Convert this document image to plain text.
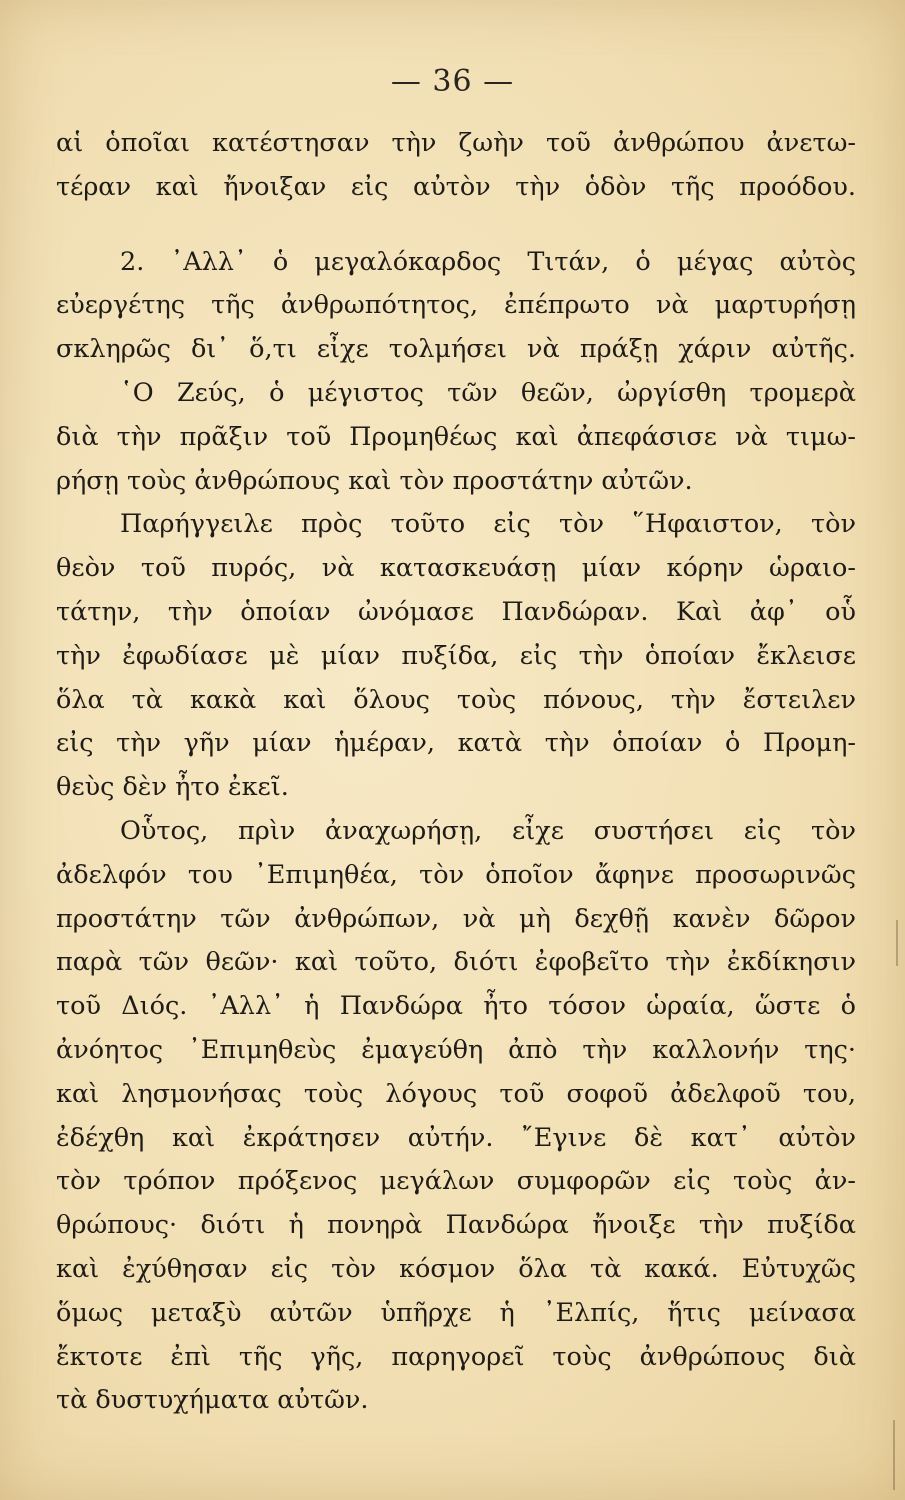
— 36 —
αἱ ὁποῖαι κατέστησαν τὴν ζωὴν τοῦ ἀνθρώπου ἀνετω-
τέραν καὶ ἤνοιξαν εἰς αὐτὸν τὴν ὁδὸν τῆς προόδου.
2. ᾿Αλλ᾿ ὁ μεγαλόκαρδος Τιτάν, ὁ μέγας αὐτὸς
εὐεργέτης τῆς ἀνθρωπότητος, ἐπέπρωτο νὰ μαρτυρήσῃ
σκληρῶς δι᾿ ὅ,τι εἶχε τολμήσει νὰ πράξῃ χάριν αὐτῆς.
῾Ο Ζεύς, ὁ μέγιστος τῶν θεῶν, ὠργίσθη τρομερὰ
διὰ τὴν πρᾶξιν τοῦ Προμηθέως καὶ ἀπεφάσισε νὰ τιμω-
ρήσῃ τοὺς ἀνθρώπους καὶ τὸν προστάτην αὐτῶν.
Παρήγγειλε πρὸς τοῦτο εἰς τὸν ῞Ηφαιστον, τὸν
θεὸν τοῦ πυρός, νὰ κατασκευάσῃ μίαν κόρην ὡραιο-
τάτην, τὴν ὁποίαν ὠνόμασε Πανδώραν. Καὶ ἀφ᾿ οὗ
τὴν ἐφωδίασε μὲ μίαν πυξίδα, εἰς τὴν ὁποίαν ἔκλεισε
ὅλα τὰ κακὰ καὶ ὅλους τοὺς πόνους, τὴν ἔστειλεν
εἰς τὴν γῆν μίαν ἡμέραν, κατὰ τὴν ὁποίαν ὁ Προμη-
θεὺς δὲν ἦτο ἐκεῖ.
Οὗτος, πρὶν ἀναχωρήσῃ, εἶχε συστήσει εἰς τὸν
ἀδελφόν του ᾿Επιμηθέα, τὸν ὁποῖον ἄφηνε προσωρινῶς
προστάτην τῶν ἀνθρώπων, νὰ μὴ δεχθῇ κανὲν δῶρον
παρὰ τῶν θεῶν· καὶ τοῦτο, διότι ἐφοβεῖτο τὴν ἐκδίκησιν
τοῦ Διός. ᾿Αλλ᾿ ἡ Πανδώρα ἦτο τόσον ὡραία, ὥστε ὁ
ἀνόητος ᾿Επιμηθεὺς ἐμαγεύθη ἀπὸ τὴν καλλονήν της·
καὶ λησμονήσας τοὺς λόγους τοῦ σοφοῦ ἀδελφοῦ του,
ἐδέχθη καὶ ἐκράτησεν αὐτήν. ῎Εγινε δὲ κατ᾿ αὐτὸν
τὸν τρόπον πρόξενος μεγάλων συμφορῶν εἰς τοὺς ἀν-
θρώπους· διότι ἡ πονηρὰ Πανδώρα ἤνοιξε τὴν πυξίδα
καὶ ἐχύθησαν εἰς τὸν κόσμον ὅλα τὰ κακά. Εὐτυχῶς
ὅμως μεταξὺ αὐτῶν ὑπῆρχε ἡ ᾿Ελπίς, ἥτις μείνασα
ἔκτοτε ἐπὶ τῆς γῆς, παρηγορεῖ τοὺς ἀνθρώπους διὰ
τὰ δυστυχήματα αὐτῶν.
